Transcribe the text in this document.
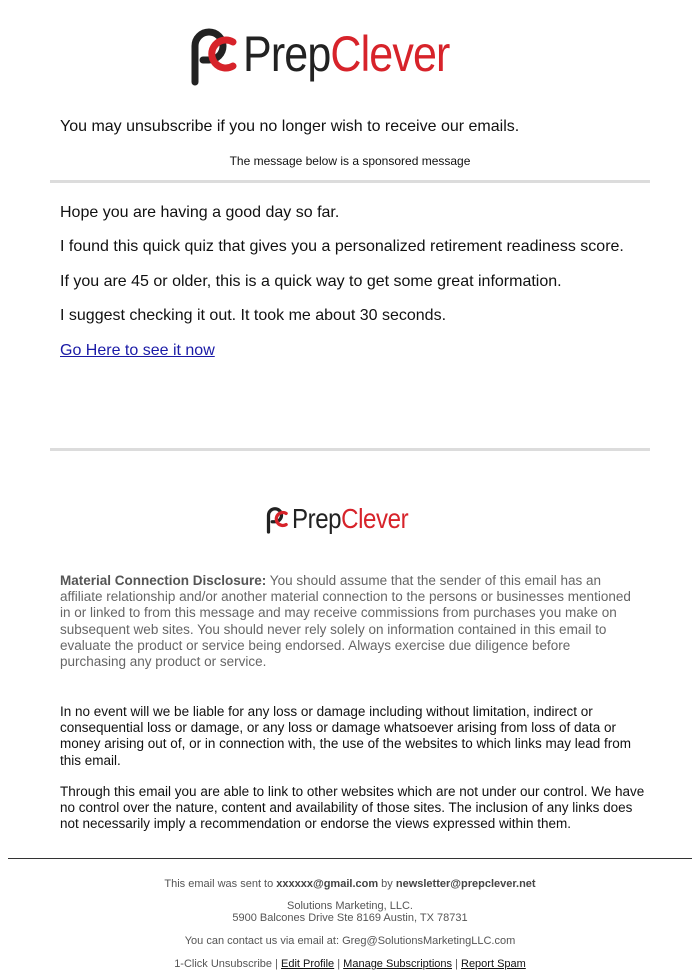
PrepClever
You may unsubscribe if you no longer wish to receive our emails.
The message below is a sponsored message
Hope you are having a good day so far.
I found this quick quiz that gives you a personalized retirement readiness score.
If you are 45 or older, this is a quick way to get some great information.
I suggest checking it out. It took me about 30 seconds.
Go Here to see it now
PrepClever
Material Connection Disclosure: You should assume that the sender of this email has an affiliate relationship and/or another material connection to the persons or businesses mentioned in or linked to from this message and may receive commissions from purchases you make on subsequent web sites. You should never rely solely on information contained in this email to evaluate the product or service being endorsed. Always exercise due diligence before purchasing any product or service.
In no event will we be liable for any loss or damage including without limitation, indirect or consequential loss or damage, or any loss or damage whatsoever arising from loss of data or money arising out of, or in connection with, the use of the websites to which links may lead from this email.
Through this email you are able to link to other websites which are not under our control. We have no control over the nature, content and availability of those sites. The inclusion of any links does not necessarily imply a recommendation or endorse the views expressed within them.
This email was sent to xxxxxx@gmail.com by newsletter@prepclever.net
Solutions Marketing, LLC.
5900 Balcones Drive Ste 8169 Austin, TX 78731
You can contact us via email at: Greg@SolutionsMarketingLLC.com
1-Click Unsubscribe | Edit Profile | Manage Subscriptions | Report Spam
